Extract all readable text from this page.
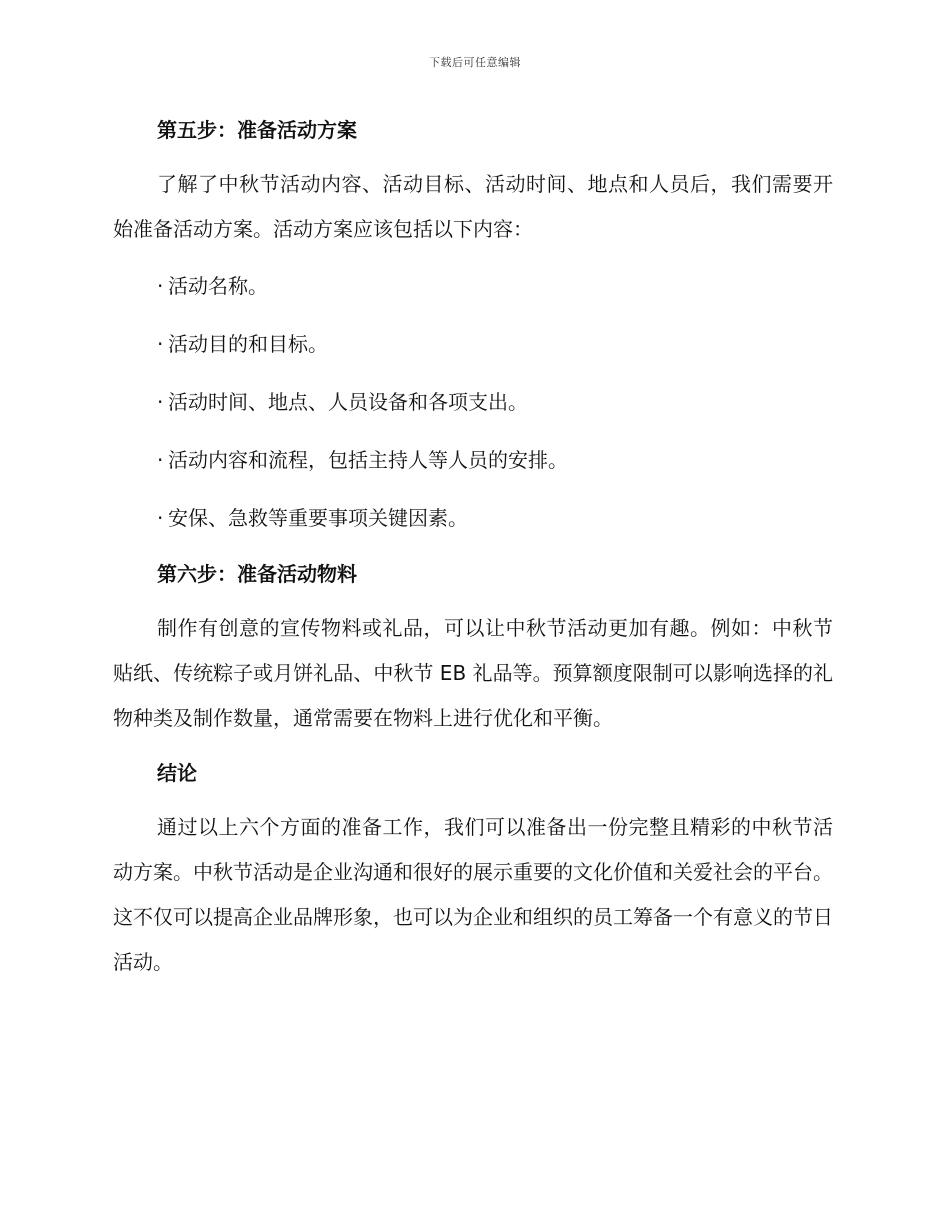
下载后可任意编辑
第五步：准备活动方案

了解了中秋节活动内容、活动目标、活动时间、地点和人员后，我们需要开始准备活动方案。活动方案应该包括以下内容：

· 活动名称。
· 活动目的和目标。
· 活动时间、地点、人员设备和各项支出。
· 活动内容和流程，包括主持人等人员的安排。
· 安保、急救等重要事项关键因素。
第六步：准备活动物料

制作有创意的宣传物料或礼品，可以让中秋节活动更加有趣。例如：中秋节贴纸、传统粽子或月饼礼品、中秋节 EB 礼品等。预算额度限制可以影响选择的礼物种类及制作数量，通常需要在物料上进行优化和平衡。

结论

通过以上六个方面的准备工作，我们可以准备出一份完整且精彩的中秋节活动方案。中秋节活动是企业沟通和很好的展示重要的文化价值和关爱社会的平台。这不仅可以提高企业品牌形象，也可以为企业和组织的员工筹备一个有意义的节日活动。
